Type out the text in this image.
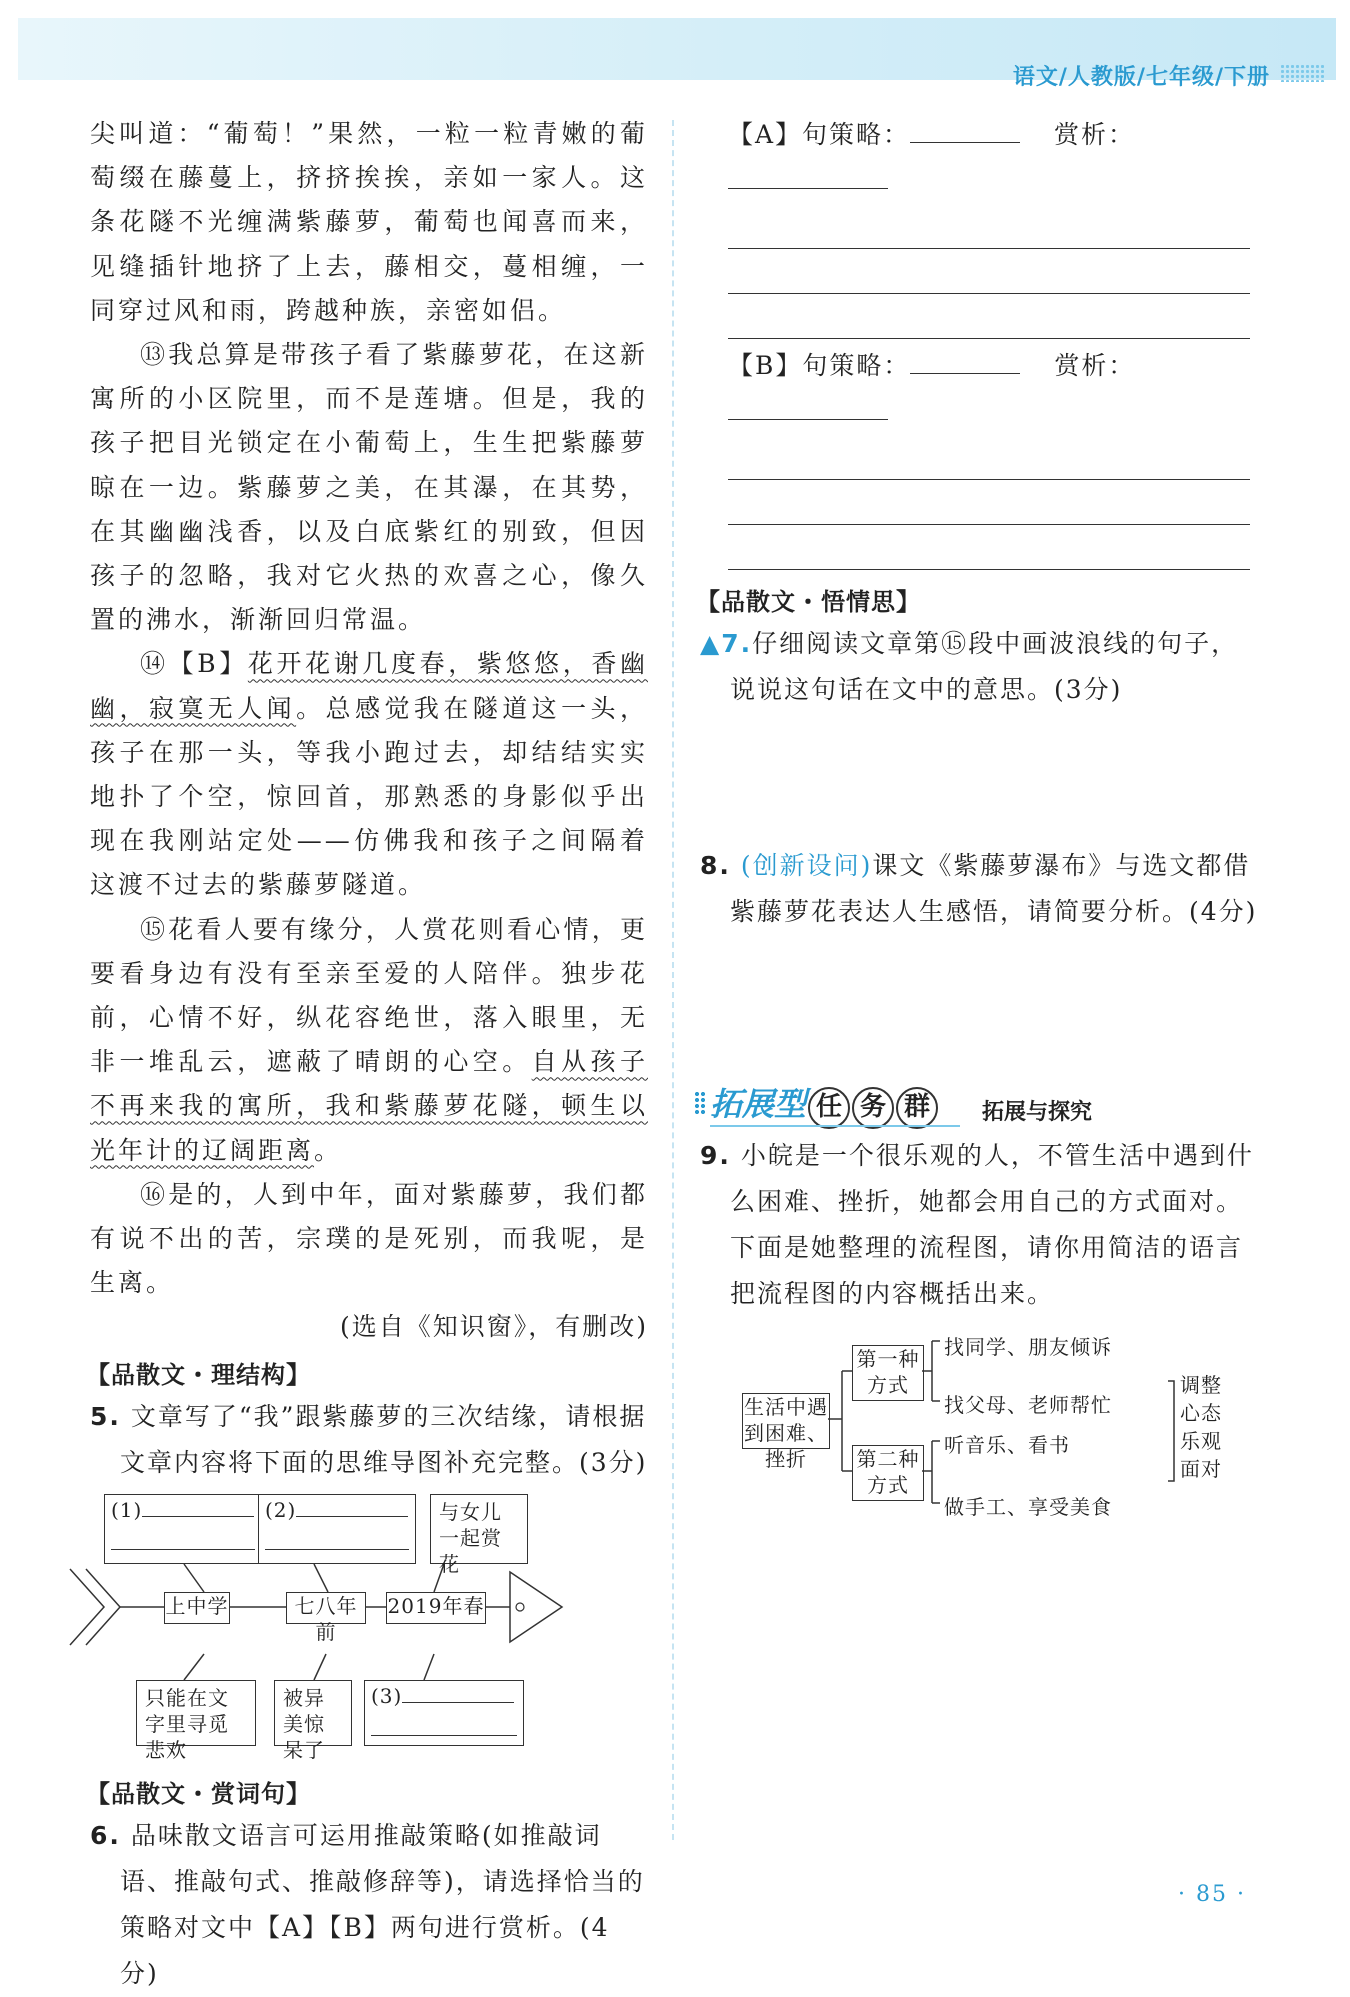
语文/人教版/七年级/下册

尖叫道：“葡萄！”果然，一粒一粒青嫩的葡萄缀在藤蔓上，挤挤挨挨，亲如一家人。这条花隧不光缠满紫藤萝，葡萄也闻喜而来，见缝插针地挤了上去，藤相交，蔓相缠，一同穿过风和雨，跨越种族，亲密如侣。

⑬我总算是带孩子看了紫藤萝花，在这新寓所的小区院里，而不是莲塘。但是，我的孩子把目光锁定在小葡萄上，生生把紫藤萝晾在一边。紫藤萝之美，在其瀑，在其势，在其幽幽浅香，以及白底紫红的别致，但因孩子的忽略，我对它火热的欢喜之心，像久置的沸水，渐渐回归常温。

⑭【B】花开花谢几度春，紫悠悠，香幽幽，寂寞无人闻。总感觉我在隧道这一头，孩子在那一头，等我小跑过去，却结结实实地扑了个空，惊回首，那熟悉的身影似乎出现在我刚站定处——仿佛我和孩子之间隔着这渡不过去的紫藤萝隧道。

⑮花看人要有缘分，人赏花则看心情，更要看身边有没有至亲至爱的人陪伴。独步花前，心情不好，纵花容绝世，落入眼里，无非一堆乱云，遮蔽了晴朗的心空。自从孩子不再来我的寓所，我和紫藤萝花隧，顿生以光年计的辽阔距离。

⑯是的，人到中年，面对紫藤萝，我们都有说不出的苦，宗璞的是死别，而我呢，是生离。

(选自《知识窗》，有删改)

【品散文・理结构】

5. 文章写了“我”跟紫藤萝的三次结缘，请根据文章内容将下面的思维导图补充完整。(3分)

(1)	(2)	与女儿一起赏花
上中学	七八年前
2019年春
只能在文字里寻觅悲欢
被异美惊呆了
(3)
【品散文・赏词句】

6. 品味散文语言可运用推敲策略(如推敲词语、推敲句式、推敲修辞等)，请选择恰当的策略对文中【A】【B】两句进行赏析。(4分)

【A】句策略：	赏析：
【B】句策略：	赏析：
【品散文・悟情思】

▲7.仔细阅读文章第⑮段中画波浪线的句子，说说这句话在文中的意思。(3分)

8. (创新设问)课文《紫藤萝瀑布》与选文都借紫藤萝花表达人生感悟，请简要分析。(4分)

拓展型 任 务 群	拓展与探究

9. 小皖是一个很乐观的人，不管生活中遇到什么困难、挫折，她都会用自己的方式面对。下面是她整理的流程图，请你用简洁的语言把流程图的内容概括出来。

生活中遇到困难、挫折
第一种方式
第二种方式
找同学、朋友倾诉
找父母、老师帮忙
听音乐、看书
做手工、享受美食
调整心态乐观面对
· 85 ·
